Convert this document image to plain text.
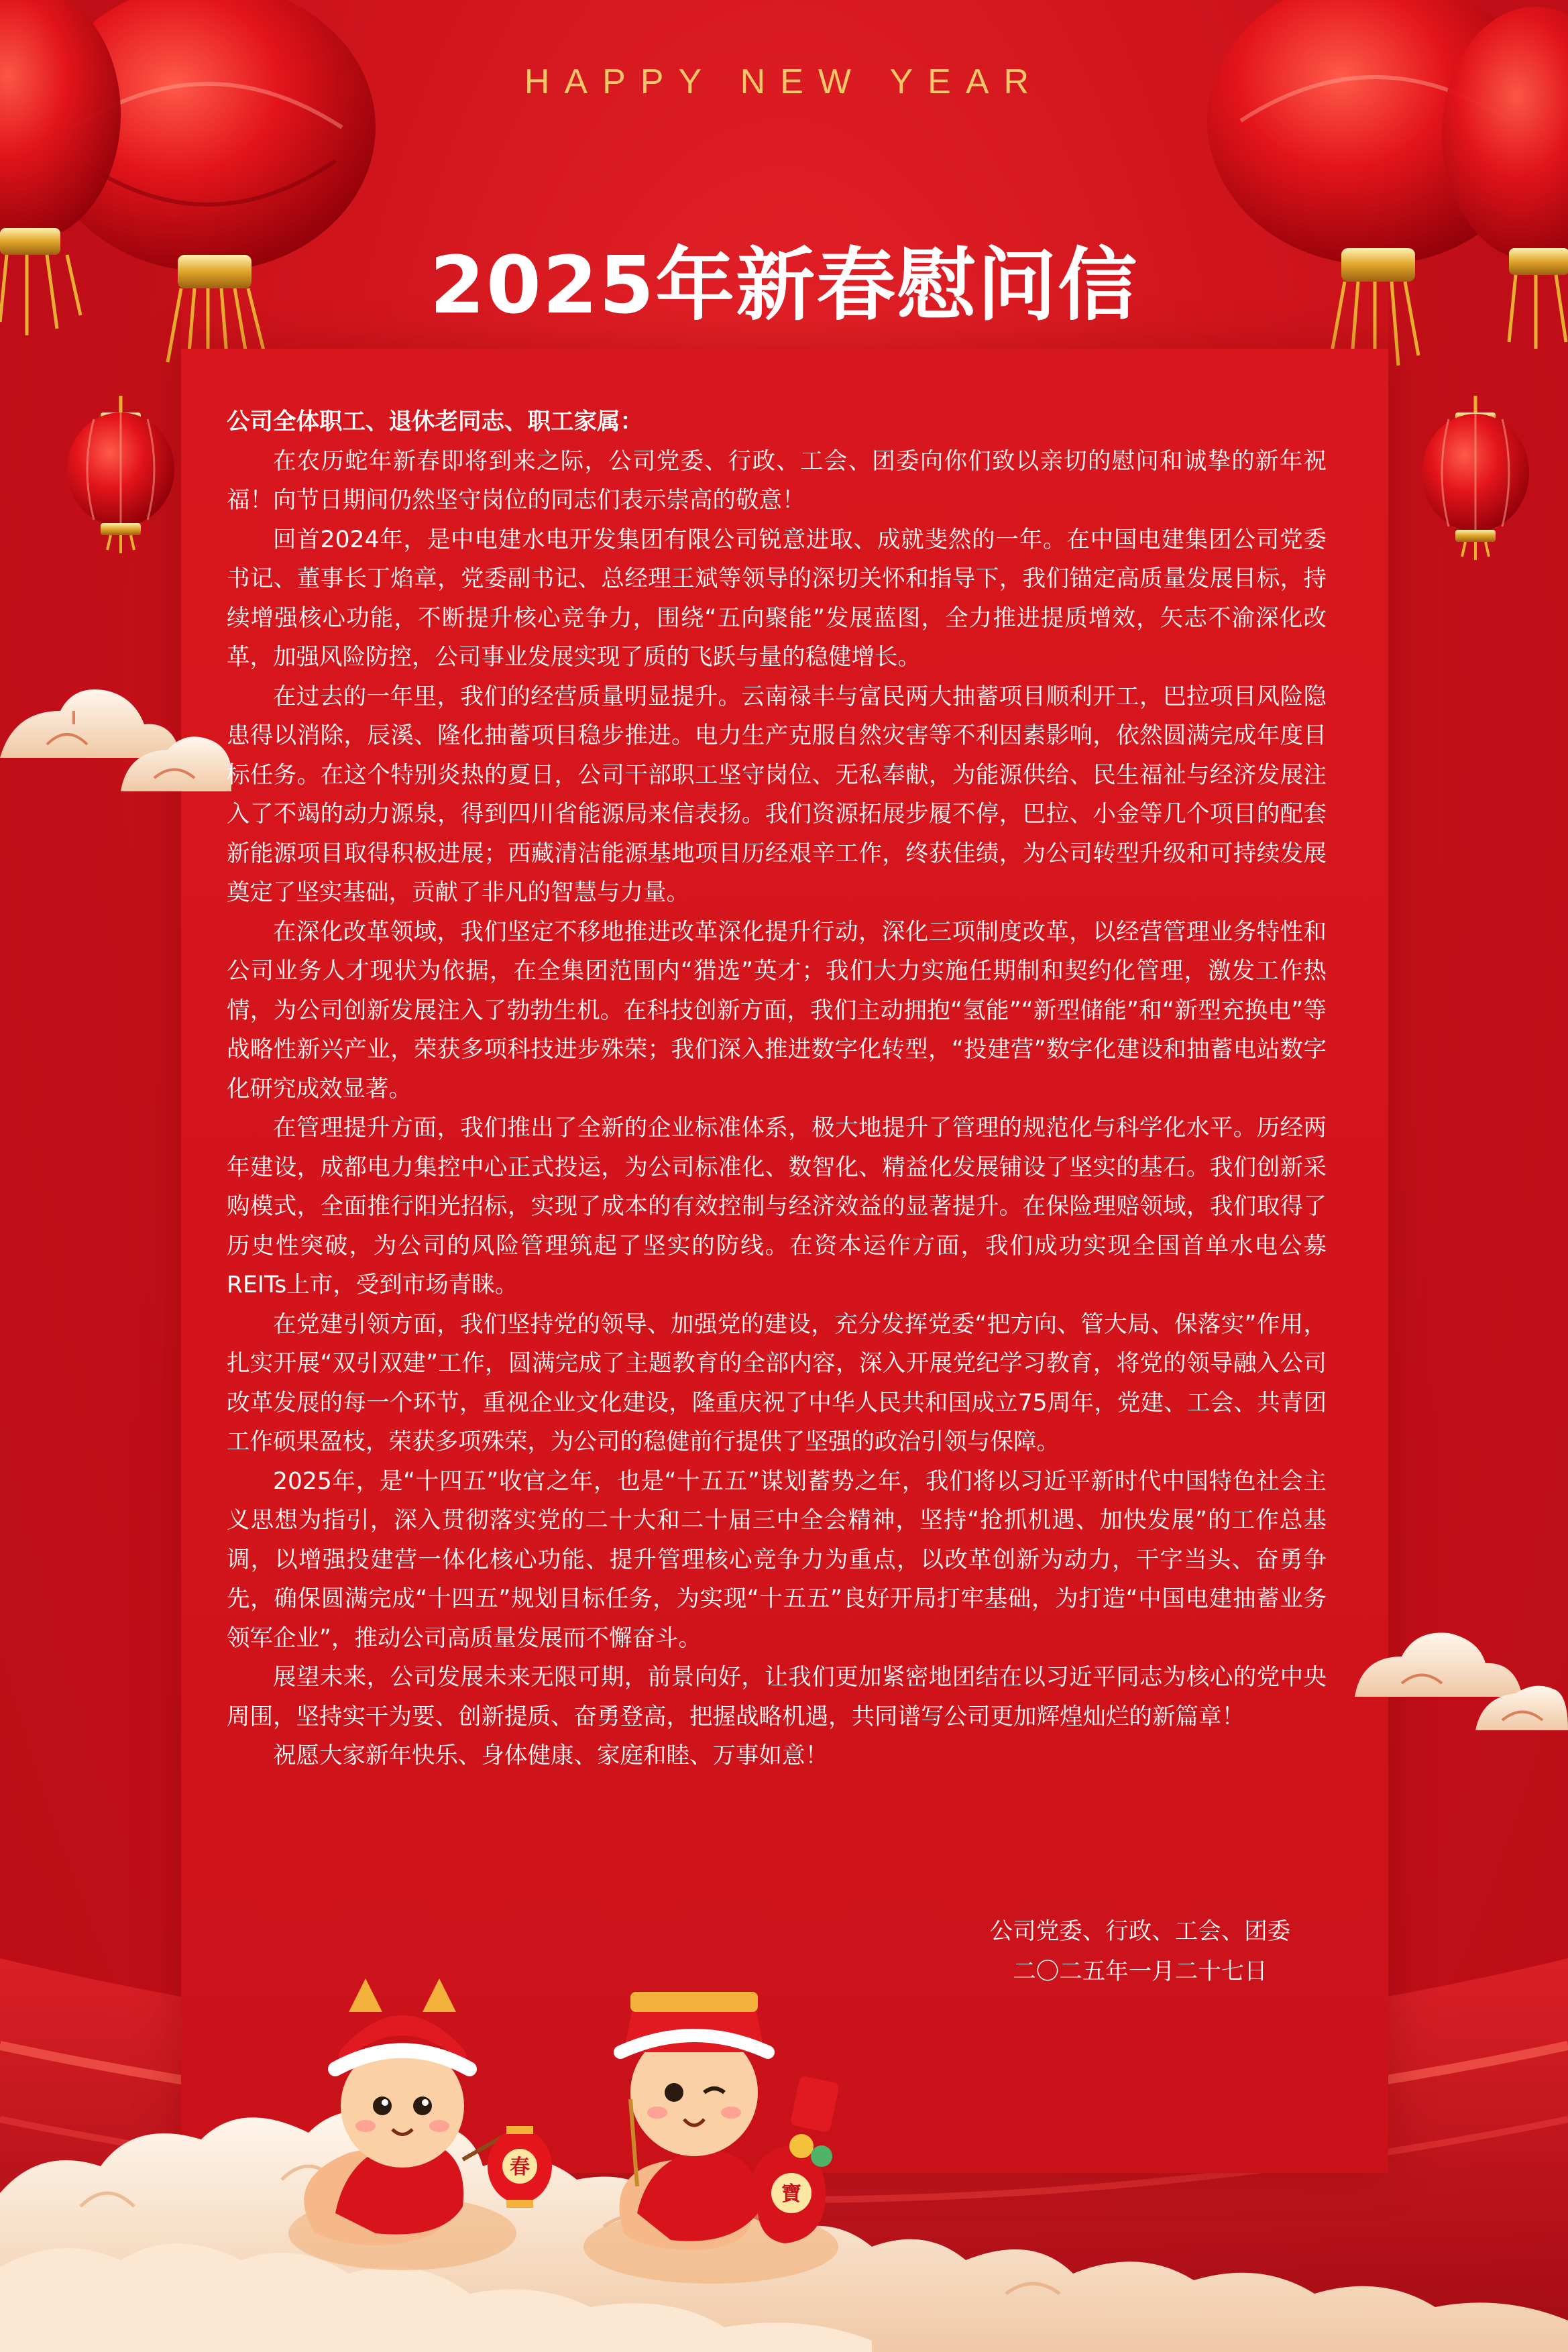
春
寶
HAPPY NEW YEAR
2025年新春慰问信

公司全体职工、退休老同志、职工家属：

在农历蛇年新春即将到来之际，公司党委、行政、工会、团委向你们致以亲切的慰问和诚挚的新年祝福！向节日期间仍然坚守岗位的同志们表示崇高的敬意！

回首2024年，是中电建水电开发集团有限公司锐意进取、成就斐然的一年。在中国电建集团公司党委书记、董事长丁焰章，党委副书记、总经理王斌等领导的深切关怀和指导下，我们锚定高质量发展目标，持续增强核心功能，不断提升核心竞争力，围绕“五向聚能”发展蓝图，全力推进提质增效，矢志不渝深化改革，加强风险防控，公司事业发展实现了质的飞跃与量的稳健增长。

在过去的一年里，我们的经营质量明显提升。云南禄丰与富民两大抽蓄项目顺利开工，巴拉项目风险隐患得以消除，辰溪、隆化抽蓄项目稳步推进。电力生产克服自然灾害等不利因素影响，依然圆满完成年度目标任务。在这个特别炎热的夏日，公司干部职工坚守岗位、无私奉献，为能源供给、民生福祉与经济发展注入了不竭的动力源泉，得到四川省能源局来信表扬。我们资源拓展步履不停，巴拉、小金等几个项目的配套新能源项目取得积极进展；西藏清洁能源基地项目历经艰辛工作，终获佳绩，为公司转型升级和可持续发展奠定了坚实基础，贡献了非凡的智慧与力量。

在深化改革领域，我们坚定不移地推进改革深化提升行动，深化三项制度改革，以经营管理业务特性和公司业务人才现状为依据，在全集团范围内“猎选”英才；我们大力实施任期制和契约化管理，激发工作热情，为公司创新发展注入了勃勃生机。在科技创新方面，我们主动拥抱“氢能”“新型储能”和“新型充换电”等战略性新兴产业，荣获多项科技进步殊荣；我们深入推进数字化转型，“投建营”数字化建设和抽蓄电站数字化研究成效显著。

在管理提升方面，我们推出了全新的企业标准体系，极大地提升了管理的规范化与科学化水平。历经两年建设，成都电力集控中心正式投运，为公司标准化、数智化、精益化发展铺设了坚实的基石。我们创新采购模式，全面推行阳光招标，实现了成本的有效控制与经济效益的显著提升。在保险理赔领域，我们取得了历史性突破，为公司的风险管理筑起了坚实的防线。在资本运作方面，我们成功实现全国首单水电公募REITs上市，受到市场青睐。

在党建引领方面，我们坚持党的领导、加强党的建设，充分发挥党委“把方向、管大局、保落实”作用，扎实开展“双引双建”工作，圆满完成了主题教育的全部内容，深入开展党纪学习教育，将党的领导融入公司改革发展的每一个环节，重视企业文化建设，隆重庆祝了中华人民共和国成立75周年，党建、工会、共青团工作硕果盈枝，荣获多项殊荣，为公司的稳健前行提供了坚强的政治引领与保障。

2025年，是“十四五”收官之年，也是“十五五”谋划蓄势之年，我们将以习近平新时代中国特色社会主义思想为指引，深入贯彻落实党的二十大和二十届三中全会精神，坚持“抢抓机遇、加快发展”的工作总基调，以增强投建营一体化核心功能、提升管理核心竞争力为重点，以改革创新为动力，干字当头、奋勇争先，确保圆满完成“十四五”规划目标任务，为实现“十五五”良好开局打牢基础，为打造“中国电建抽蓄业务领军企业”，推动公司高质量发展而不懈奋斗。

展望未来，公司发展未来无限可期，前景向好，让我们更加紧密地团结在以习近平同志为核心的党中央周围，坚持实干为要、创新提质、奋勇登高，把握战略机遇，共同谱写公司更加辉煌灿烂的新篇章！

祝愿大家新年快乐、身体健康、家庭和睦、万事如意！

公司党委、行政、工会、团委
二〇二五年一月二十七日
